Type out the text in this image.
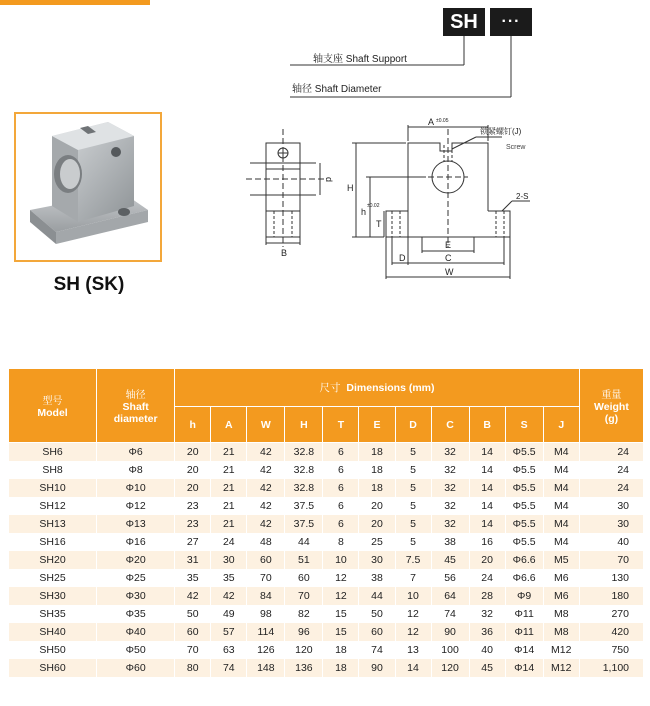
SH	···
轴支座 Shaft Support
轴径 Shaft Diameter
SH (SK)
B
d
A ±0.05
H
h
±0.02
T
E
C
W
D
2-S
锁紧螺钉(J)
Screw
型号
Model	轴径
Shaft
diameter	尺寸 Dimensions (mm)											重量
Weight
(g)
		h	A	W	H	T	E	D	C	B	S	J	
SH6	Φ6	20	21	42	32.8	6	18	5	32	14	Φ5.5	M4	24
SH8	Φ8	20	21	42	32.8	6	18	5	32	14	Φ5.5	M4	24
SH10	Φ10	20	21	42	32.8	6	18	5	32	14	Φ5.5	M4	24
SH12	Φ12	23	21	42	37.5	6	20	5	32	14	Φ5.5	M4	30
SH13	Φ13	23	21	42	37.5	6	20	5	32	14	Φ5.5	M4	30
SH16	Φ16	27	24	48	44	8	25	5	38	16	Φ5.5	M4	40
SH20	Φ20	31	30	60	51	10	30	7.5	45	20	Φ6.6	M5	70
SH25	Φ25	35	35	70	60	12	38	7	56	24	Φ6.6	M6	130
SH30	Φ30	42	42	84	70	12	44	10	64	28	Φ9	M6	180
SH35	Φ35	50	49	98	82	15	50	12	74	32	Φ11	M8	270
SH40	Φ40	60	57	114	96	15	60	12	90	36	Φ11	M8	420
SH50	Φ50	70	63	126	120	18	74	13	100	40	Φ14	M12	750
SH60	Φ60	80	74	148	136	18	90	14	120	45	Φ14	M12	1,100
